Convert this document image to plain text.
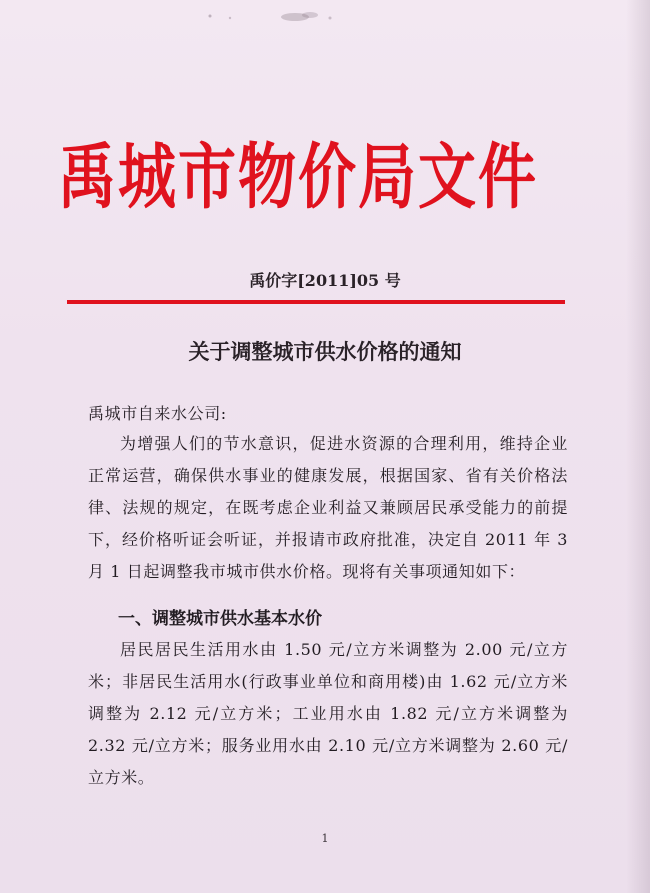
禹城市物价局文件
禹价字[2011]05 号
关于调整城市供水价格的通知
禹城市自来水公司:
为增强人们的节水意识，促进水资源的合理利用，维持企业正常运营，确保供水事业的健康发展，根据国家、省有关价格法律、法规的规定，在既考虑企业利益又兼顾居民承受能力的前提下，经价格听证会听证，并报请市政府批准，决定自 2011 年 3 月 1 日起调整我市城市供水价格。现将有关事项通知如下：
一、调整城市供水基本水价
居民居民生活用水由 1.50 元/立方米调整为 2.00 元/立方米；非居民生活用水(行政事业单位和商用楼)由 1.62 元/立方米调整为 2.12 元/立方米；工业用水由 1.82 元/立方米调整为 2.32 元/立方米；服务业用水由 2.10 元/立方米调整为 2.60 元/立方米。
1
